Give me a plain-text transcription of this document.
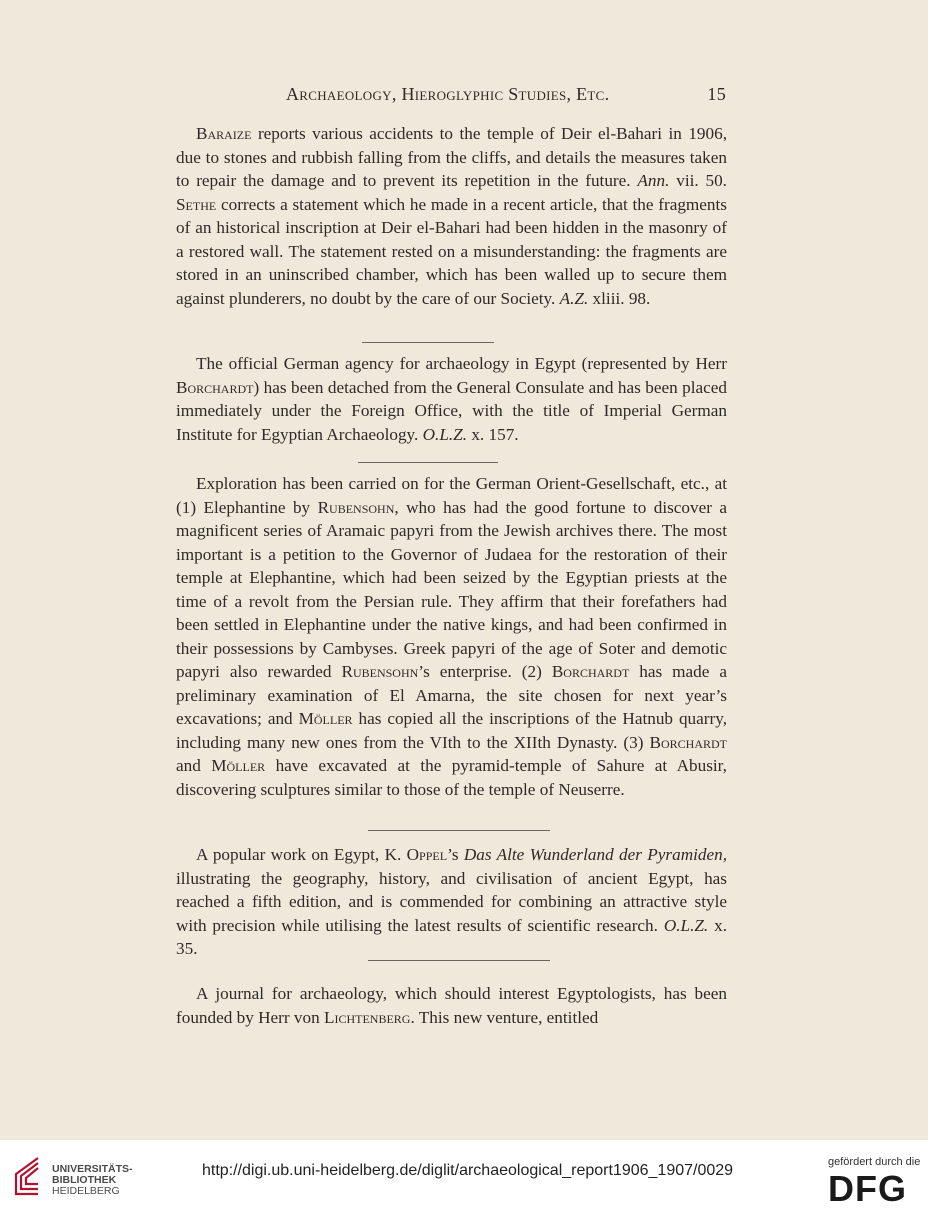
Archaeology, Hieroglyphic Studies, Etc.	15

Baraize reports various accidents to the temple of Deir el-Bahari in 1906, due to stones and rubbish falling from the cliffs, and details the measures taken to repair the damage and to prevent its repetition in the future. Ann. vii. 50. Sethe corrects a statement which he made in a recent article, that the fragments of an historical inscription at Deir el-Bahari had been hidden in the masonry of a restored wall. The statement rested on a misunderstanding: the fragments are stored in an uninscribed chamber, which has been walled up to secure them against plunderers, no doubt by the care of our Society. A.Z. xliii. 98.

The official German agency for archaeology in Egypt (represented by Herr Borchardt) has been detached from the General Consulate and has been placed immediately under the Foreign Office, with the title of Imperial German Institute for Egyptian Archaeology. O.L.Z. x. 157.

Exploration has been carried on for the German Orient-Gesellschaft, etc., at (1) Elephantine by Rubensohn, who has had the good fortune to discover a magnificent series of Aramaic papyri from the Jewish archives there. The most important is a petition to the Governor of Judaea for the restoration of their temple at Elephantine, which had been seized by the Egyptian priests at the time of a revolt from the Persian rule. They affirm that their forefathers had been settled in Elephantine under the native kings, and had been confirmed in their possessions by Cambyses. Greek papyri of the age of Soter and demotic papyri also rewarded Rubensohn’s enterprise. (2) Borchardt has made a preliminary examination of El Amarna, the site chosen for next year’s excavations; and Möller has copied all the inscriptions of the Hatnub quarry, including many new ones from the VIth to the XIIth Dynasty. (3) Borchardt and Möller have excavated at the pyramid-temple of Sahure at Abusir, discovering sculptures similar to those of the temple of Neuserre.

A popular work on Egypt, K. Oppel’s Das Alte Wunderland der Pyramiden, illustrating the geography, history, and civilisation of ancient Egypt, has reached a fifth edition, and is commended for combining an attractive style with precision while utilising the latest results of scientific research. O.L.Z. x. 35.

A journal for archaeology, which should interest Egyptologists, has been founded by Herr von Lichtenberg. This new venture, entitled

UNIVERSITÄTS-
BIBLIOTHEK
HEIDELBERG
http://digi.ub.uni-heidelberg.de/diglit/archaeological_report1906_1907/0029	gefördert durch die
DFG
